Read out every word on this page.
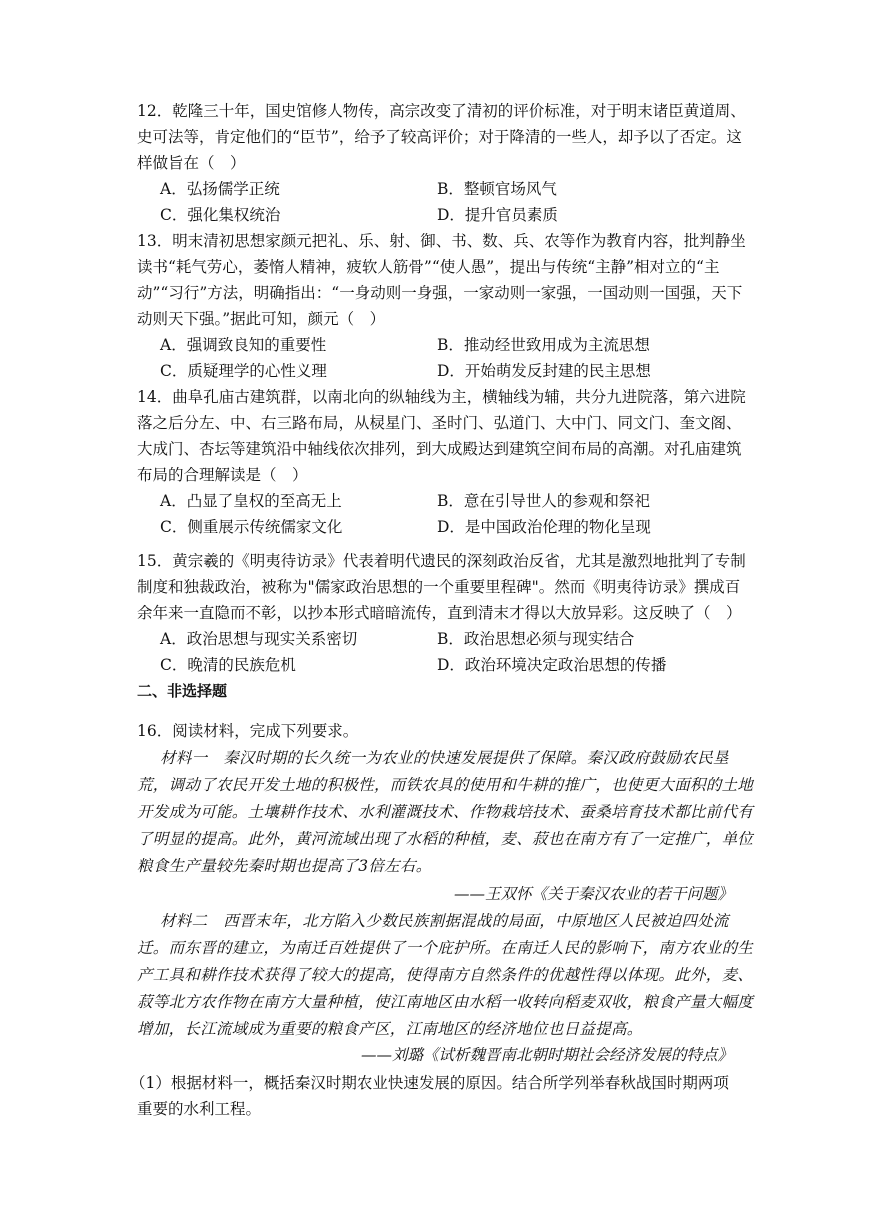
12．乾隆三十年，国史馆修人物传，高宗改变了清初的评价标准，对于明末诸臣黄道周、
史可法等，肯定他们的“臣节”，给予了较高评价；对于降清的一些人，却予以了否定。这
样做旨在（　）
A．弘扬儒学正统	B．整顿官场风气
C．强化集权统治	D．提升官员素质
13．明末清初思想家颜元把礼、乐、射、御、书、数、兵、农等作为教育内容，批判静坐
读书“耗气劳心，萎惰人精神，疲软人筋骨”“使人愚”，提出与传统“主静”相对立的“主
动”“习行”方法，明确指出：“一身动则一身强，一家动则一家强，一国动则一国强，天下
动则天下强。”据此可知，颜元（　）
A．强调致良知的重要性	B．推动经世致用成为主流思想
C．质疑理学的心性义理	D．开始萌发反封建的民主思想
14．曲阜孔庙古建筑群，以南北向的纵轴线为主，横轴线为辅，共分九进院落，第六进院
落之后分左、中、右三路布局，从棂星门、圣时门、弘道门、大中门、同文门、奎文阁、
大成门、杏坛等建筑沿中轴线依次排列，到大成殿达到建筑空间布局的高潮。对孔庙建筑
布局的合理解读是（　）
A．凸显了皇权的至高无上	B．意在引导世人的参观和祭祀
C．侧重展示传统儒家文化	D．是中国政治伦理的物化呈现
15．黄宗羲的《明夷待访录》代表着明代遗民的深刻政治反省，尤其是激烈地批判了专制
制度和独裁政治，被称为"儒家政治思想的一个重要里程碑"。然而《明夷待访录》撰成百
余年来一直隐而不彰，以抄本形式暗暗流传，直到清末才得以大放异彩。这反映了（　）
A．政治思想与现实关系密切	B．政治思想必须与现实结合
C．晚清的民族危机	D．政治环境决定政治思想的传播
二、非选择题
16．阅读材料，完成下列要求。
材料一　秦汉时期的长久统一为农业的快速发展提供了保障。秦汉政府鼓励农民垦
荒，调动了农民开发土地的积极性，而铁农具的使用和牛耕的推广，也使更大面积的土地
开发成为可能。土壤耕作技术、水利灌溉技术、作物栽培技术、蚕桑培育技术都比前代有
了明显的提高。此外，黄河流域出现了水稻的种植，麦、菽也在南方有了一定推广，单位
粮食生产量较先秦时期也提高了3倍左右。
——王双怀《关于秦汉农业的若干问题》
材料二　西晋末年，北方陷入少数民族割据混战的局面，中原地区人民被迫四处流
迁。而东晋的建立，为南迁百姓提供了一个庇护所。在南迁人民的影响下，南方农业的生
产工具和耕作技术获得了较大的提高，使得南方自然条件的优越性得以体现。此外，麦、
菽等北方农作物在南方大量种植，使江南地区由水稻一收转向稻麦双收，粮食产量大幅度
增加，长江流域成为重要的粮食产区，江南地区的经济地位也日益提高。
——刘璐《试析魏晋南北朝时期社会经济发展的特点》
（1）根据材料一，概括秦汉时期农业快速发展的原因。结合所学列举春秋战国时期两项
重要的水利工程。
